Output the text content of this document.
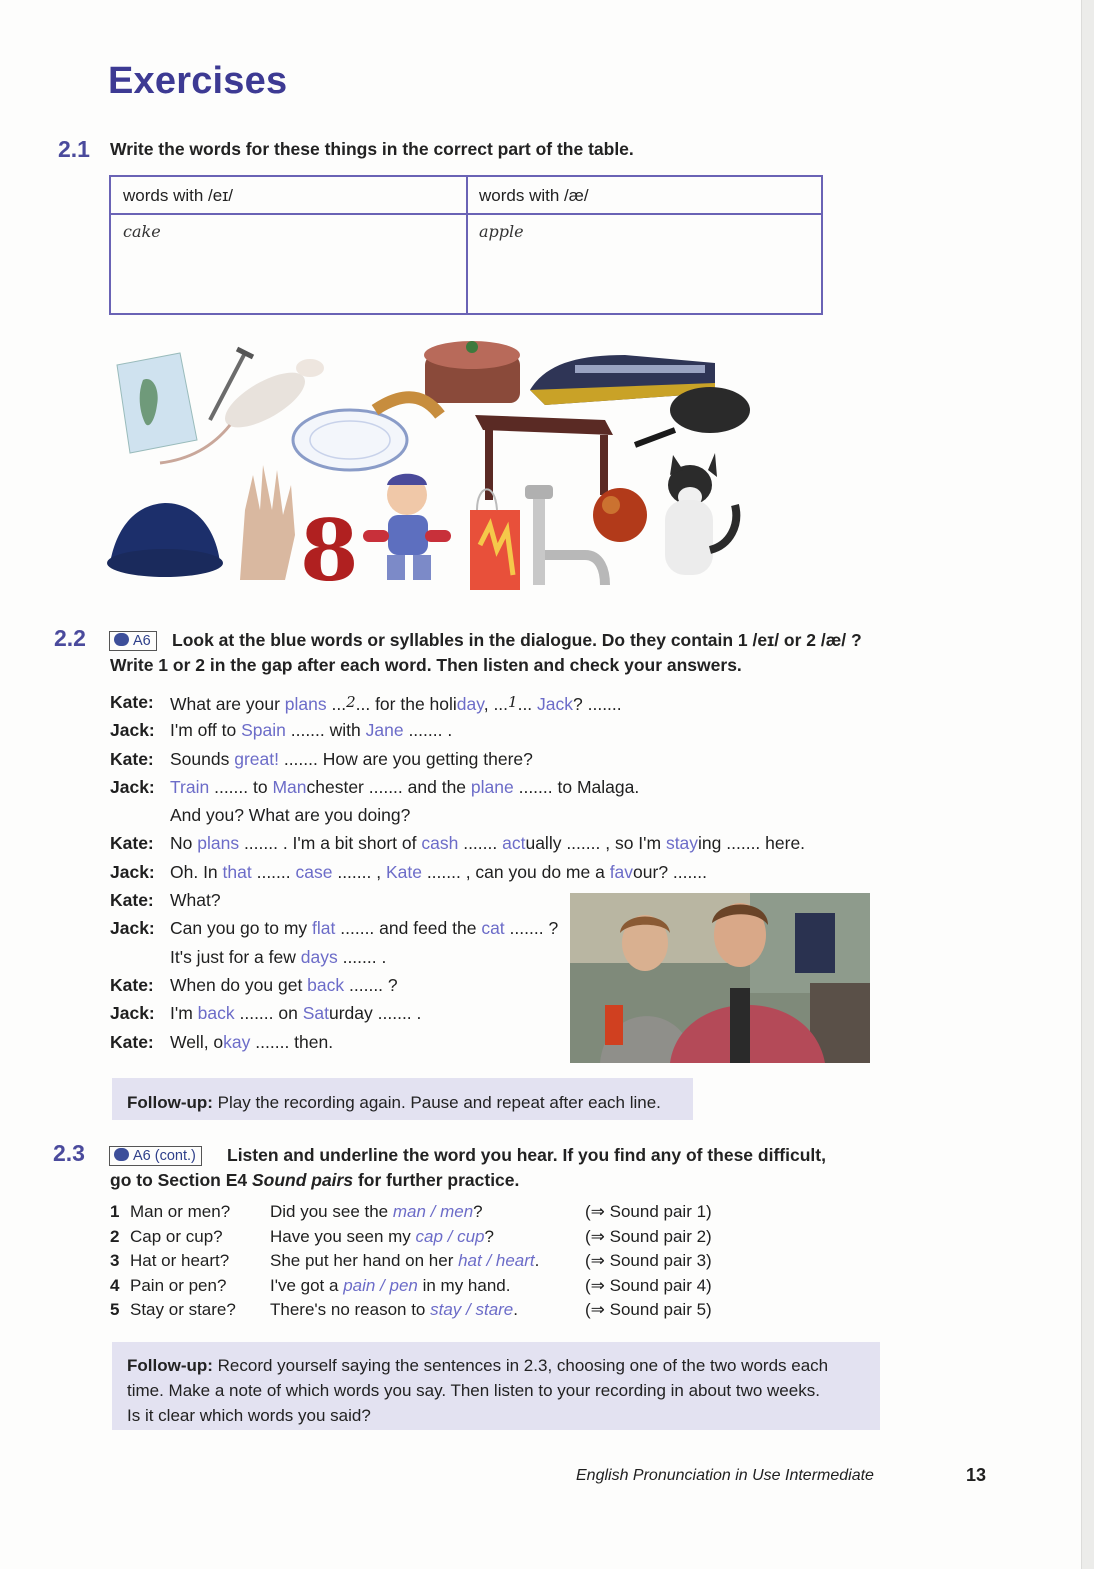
Exercises
2.1 Write the words for these things in the correct part of the table.
words with /eɪ/	words with /æ/
cake	apple
8
2.2	A6	Look at the blue words or syllables in the dialogue. Do they contain 1 /eɪ/ or 2 /æ/ ?
Write 1 or 2 in the gap after each word. Then listen and check your answers.
Kate: What are your plans ...2... for the holiday, ...1... Jack? .......
Jack: I'm off to Spain ....... with Jane ....... .
Kate: Sounds great! ....... How are you getting there?
Jack: Train ....... to Manchester ....... and the plane ....... to Malaga.
And you? What are you doing?
Kate: No plans ....... . I'm a bit short of cash ....... actually ....... , so I'm staying ....... here.
Jack: Oh. In that ....... case ....... , Kate ....... , can you do me a favour? .......
Kate: What?
Jack: Can you go to my flat ....... and feed the cat ....... ?
It's just for a few days ....... .
Kate: When do you get back ....... ?
Jack: I'm back ....... on Saturday ....... .
Kate: Well, okay ....... then.
Follow-up: Play the recording again. Pause and repeat after each line.
2.3	A6 (cont.)	Listen and underline the word you hear. If you find any of these difficult,
go to Section E4 Sound pairs for further practice.
1 Man or men? Did you see the man / men?	(⇒ Sound pair 1)
2 Cap or cup?	Have you seen my cap / cup?	(⇒ Sound pair 2)
3 Hat or heart? She put her hand on her hat / heart.	(⇒ Sound pair 3)
4 Pain or pen?	I've got a pain / pen in my hand.	(⇒ Sound pair 4)
5 Stay or stare? There's no reason to stay / stare.	(⇒ Sound pair 5)
Follow-up: Record yourself saying the sentences in 2.3, choosing one of the two words each
time. Make a note of which words you say. Then listen to your recording in about two weeks.
Is it clear which words you said?
English Pronunciation in Use Intermediate	13
